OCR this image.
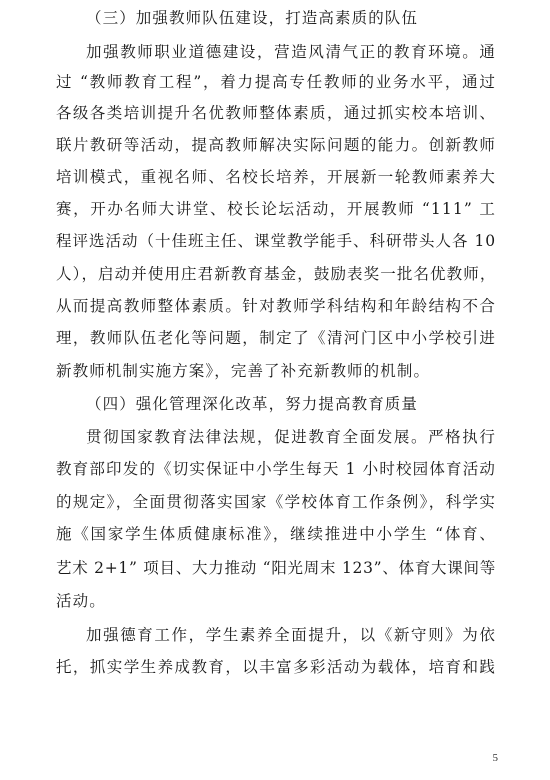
（三）加强教师队伍建设，打造高素质的队伍
加强教师职业道德建设，营造风清气正的教育环境。通
过 “教师教育工程”，着力提高专任教师的业务水平，通过
各级各类培训提升名优教师整体素质，通过抓实校本培训、
联片教研等活动，提高教师解决实际问题的能力。创新教师
培训模式，重视名师、名校长培养，开展新一轮教师素养大
赛，开办名师大讲堂、校长论坛活动，开展教师 “111” 工
程评选活动（十佳班主任、课堂教学能手、科研带头人各 10
人），启动并使用庄君新教育基金，鼓励表奖一批名优教师，
从而提高教师整体素质。针对教师学科结构和年龄结构不合
理，教师队伍老化等问题，制定了《清河门区中小学校引进
新教师机制实施方案》，完善了补充新教师的机制。
（四）强化管理深化改革，努力提高教育质量
贯彻国家教育法律法规，促进教育全面发展。严格执行
教育部印发的《切实保证中小学生每天 1 小时校园体育活动
的规定》，全面贯彻落实国家《学校体育工作条例》，科学实
施《国家学生体质健康标准》，继续推进中小学生 “体育、
艺术 2+1” 项目、大力推动 “阳光周末 123”、体育大课间等
活动。
加强德育工作，学生素养全面提升，以《新守则》为依
托，抓实学生养成教育，以丰富多彩活动为载体，培育和践
5
